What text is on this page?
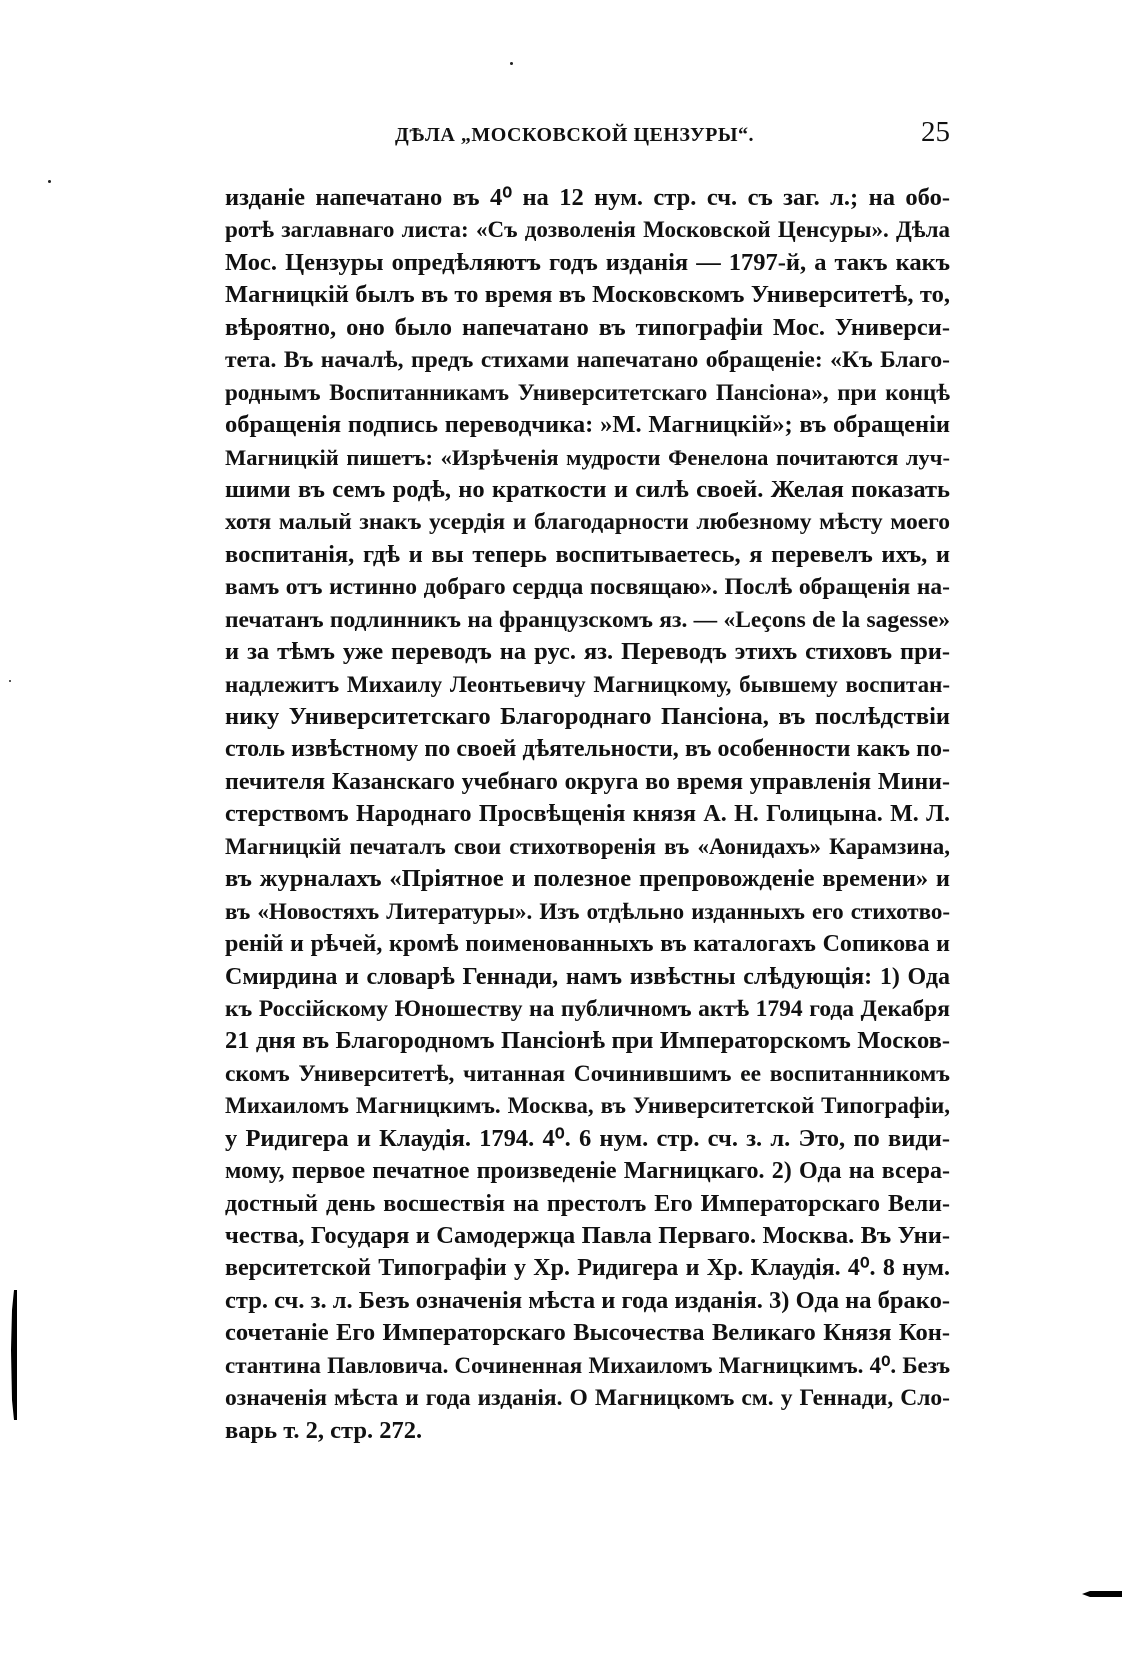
ДѢЛА „МОСКОВСКОЙ ЦЕНЗУРЫ“.	25
изданіе напечатано въ 4⁰ на 12 нум. стр. сч. съ заг. л.; на обо-
ротѣ заглавнаго листа: «Съ дозволенія Московской Ценсуры». Дѣла
Мос. Цензуры опредѣляютъ годъ изданія — 1797-й, а такъ какъ
Магницкій былъ въ то время въ Московскомъ Университетѣ, то,
вѣроятно, оно было напечатано въ типографіи Мос. Универси-
тета. Въ началѣ, предъ стихами напечатано обращеніе: «Къ Благо-
роднымъ Воспитанникамъ Университетскаго Пансіона», при концѣ
обращенія подпись переводчика: »М. Магницкій»; въ обращеніи
Магницкій пишетъ: «Изрѣченія мудрости Фенелона почитаются луч-
шими въ семъ родѣ, но краткости и силѣ своей. Желая показать
хотя малый знакъ усердія и благодарности любезному мѣсту моего
воспитанія, гдѣ и вы теперь воспитываетесь, я перевелъ ихъ, и
вамъ отъ истинно добраго сердца посвящаю». Послѣ обращенія на-
печатанъ подлинникъ на французскомъ яз. — «Leçons de la sagesse»
и за тѣмъ уже переводъ на рус. яз. Переводъ этихъ стиховъ при-
надлежитъ Михаилу Леонтьевичу Магницкому, бывшему воспитан-
нику Университетскаго Благороднаго Пансіона, въ послѣдствіи
столь извѣстному по своей дѣятельности, въ особенности какъ по-
печителя Казанскаго учебнаго округа во время управленія Мини-
стерствомъ Народнаго Просвѣщенія князя А. Н. Голицына. М. Л.
Магницкій печаталъ свои стихотворенія въ «Аонидахъ» Карамзина,
въ журналахъ «Пріятное и полезное препровожденіе времени» и
въ «Новостяхъ Литературы». Изъ отдѣльно изданныхъ его стихотво-
реній и рѣчей, кромѣ поименованныхъ въ каталогахъ Сопикова и
Смирдина и словарѣ Геннади, намъ извѣстны слѣдующія: 1) Ода
къ Россійскому Юношеству на публичномъ актѣ 1794 года Декабря
21 дня въ Благородномъ Пансіонѣ при Императорскомъ Москов-
скомъ Университетѣ, читанная Сочинившимъ ее воспитанникомъ
Михаиломъ Магницкимъ. Москва, въ Университетской Типографіи,
у Ридигера и Клаудія. 1794. 4⁰. 6 нум. стр. сч. з. л. Это, по види-
мому, первое печатное произведеніе Магницкаго. 2) Ода на всера-
достный день восшествія на престолъ Его Императорскаго Вели-
чества, Государя и Самодержца Павла Перваго. Москва. Въ Уни-
верситетской Типографіи у Хр. Ридигера и Хр. Клаудія. 4⁰. 8 нум.
стр. сч. з. л. Безъ означенія мѣста и года изданія. 3) Ода на брако-
сочетаніе Его Императорскаго Высочества Великаго Князя Кон-
стантина Павловича. Сочиненная Михаиломъ Магницкимъ. 4⁰. Безъ
означенія мѣста и года изданія. О Магницкомъ см. у Геннади, Сло-
варь т. 2, стр. 272.
